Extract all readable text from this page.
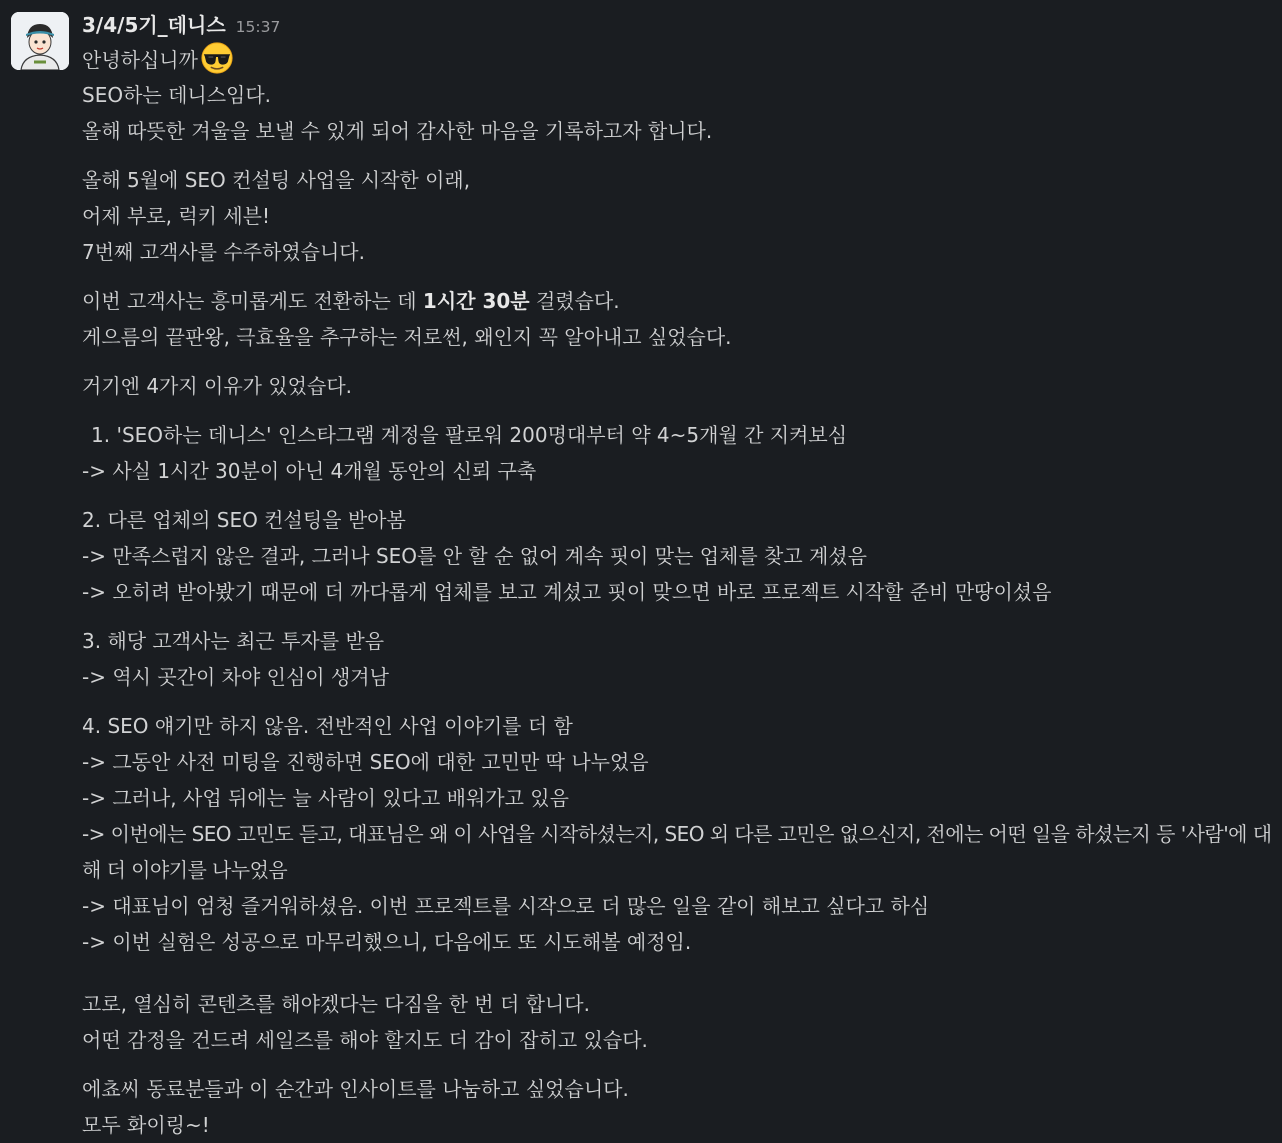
3/4/5기_데니스 15:37
안녕하십니까
SEO하는 데니스임다.
올해 따뜻한 겨울을 보낼 수 있게 되어 감사한 마음을 기록하고자 합니다.
올해 5월에 SEO 컨설팅 사업을 시작한 이래,
어제 부로, 럭키 세븐!
7번째 고객사를 수주하였습니다.
이번 고객사는 흥미롭게도 전환하는 데 1시간 30분 걸렸습다.
게으름의 끝판왕, 극효율을 추구하는 저로썬, 왜인지 꼭 알아내고 싶었습다.
거기엔 4가지 이유가 있었습다.
1. 'SEO하는 데니스' 인스타그램 계정을 팔로워 200명대부터 약 4~5개월 간 지켜보심
-> 사실 1시간 30분이 아닌 4개월 동안의 신뢰 구축
2. 다른 업체의 SEO 컨설팅을 받아봄
-> 만족스럽지 않은 결과, 그러나 SEO를 안 할 순 없어 계속 핏이 맞는 업체를 찾고 계셨음
-> 오히려 받아봤기 때문에 더 까다롭게 업체를 보고 계셨고 핏이 맞으면 바로 프로젝트 시작할 준비 만땅이셨음
3. 해당 고객사는 최근 투자를 받음
-> 역시 곳간이 차야 인심이 생겨남
4. SEO 얘기만 하지 않음. 전반적인 사업 이야기를 더 함
-> 그동안 사전 미팅을 진행하면 SEO에 대한 고민만 딱 나누었음
-> 그러나, 사업 뒤에는 늘 사람이 있다고 배워가고 있음
-> 이번에는 SEO 고민도 듣고, 대표님은 왜 이 사업을 시작하셨는지, SEO 외 다른 고민은 없으신지, 전에는 어떤 일을 하셨는지 등 '사람'에 대해 더 이야기를 나누었음
-> 대표님이 엄청 즐거워하셨음. 이번 프로젝트를 시작으로 더 많은 일을 같이 해보고 싶다고 하심
-> 이번 실험은 성공으로 마무리했으니, 다음에도 또 시도해볼 예정임.
고로, 열심히 콘텐츠를 해야겠다는 다짐을 한 번 더 합니다.
어떤 감정을 건드려 세일즈를 해야 할지도 더 감이 잡히고 있습다.
에쵸씨 동료분들과 이 순간과 인사이트를 나눔하고 싶었습니다.
모두 화이링~!
